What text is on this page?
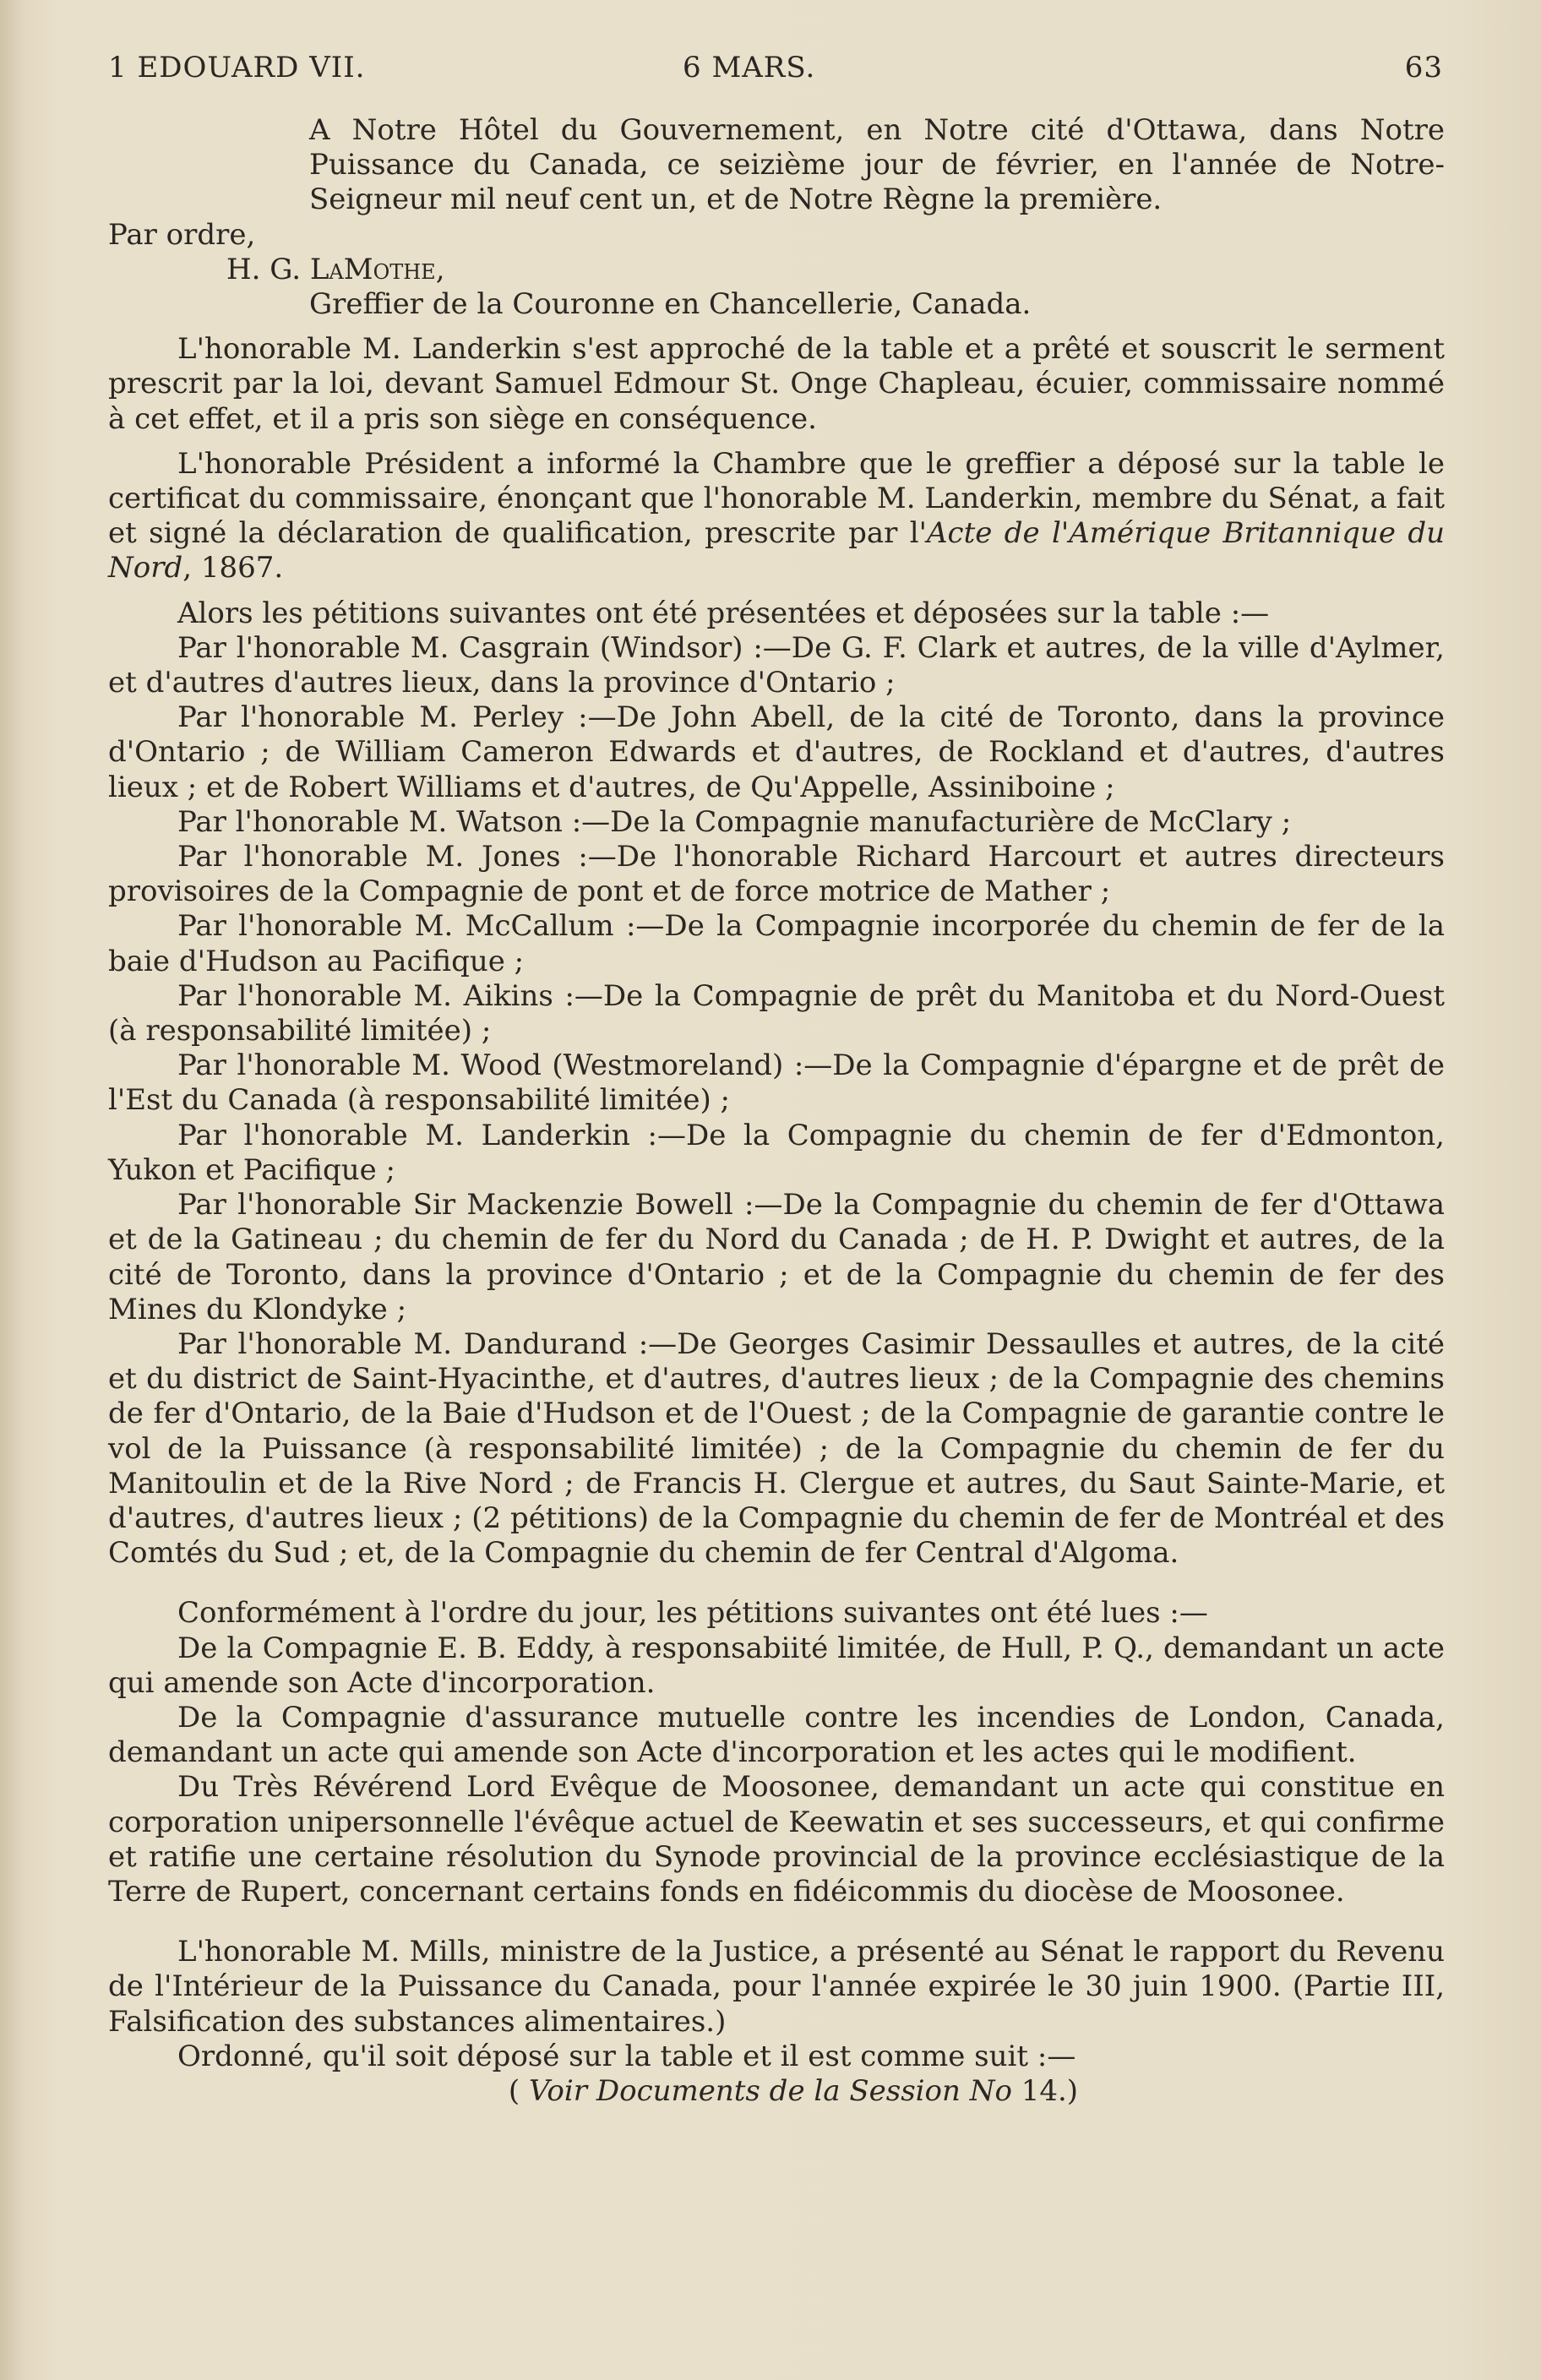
1 EDOUARD VII.	6 MARS.	63

A Notre Hôtel du Gouvernement, en Notre cité d'Ottawa, dans Notre Puissance du Canada, ce seizième jour de février, en l'année de Notre-Seigneur mil neuf cent un, et de Notre Règne la première.

Par ordre,

H. G. LaMothe,

Greffier de la Couronne en Chancellerie, Canada.

L'honorable M. Landerkin s'est approché de la table et a prêté et souscrit le serment prescrit par la loi, devant Samuel Edmour St. Onge Chapleau, écuier, commissaire nommé à cet effet, et il a pris son siège en conséquence.

L'honorable Président a informé la Chambre que le greffier a déposé sur la table le certificat du commissaire, énonçant que l'honorable M. Landerkin, membre du Sénat, a fait et signé la déclaration de qualification, prescrite par l'Acte de l'Amérique Britannique du Nord, 1867.

Alors les pétitions suivantes ont été présentées et déposées sur la table :—

Par l'honorable M. Casgrain (Windsor) :—De G. F. Clark et autres, de la ville d'Aylmer, et d'autres d'autres lieux, dans la province d'Ontario ;

Par l'honorable M. Perley :—De John Abell, de la cité de Toronto, dans la province d'Ontario ; de William Cameron Edwards et d'autres, de Rockland et d'autres, d'autres lieux ; et de Robert Williams et d'autres, de Qu'Appelle, Assiniboine ;

Par l'honorable M. Watson :—De la Compagnie manufacturière de McClary ;

Par l'honorable M. Jones :—De l'honorable Richard Harcourt et autres directeurs provisoires de la Compagnie de pont et de force motrice de Mather ;

Par l'honorable M. McCallum :—De la Compagnie incorporée du chemin de fer de la baie d'Hudson au Pacifique ;

Par l'honorable M. Aikins :—De la Compagnie de prêt du Manitoba et du Nord-Ouest (à responsabilité limitée) ;

Par l'honorable M. Wood (Westmoreland) :—De la Compagnie d'épargne et de prêt de l'Est du Canada (à responsabilité limitée) ;

Par l'honorable M. Landerkin :—De la Compagnie du chemin de fer d'Edmonton, Yukon et Pacifique ;

Par l'honorable Sir Mackenzie Bowell :—De la Compagnie du chemin de fer d'Ottawa et de la Gatineau ; du chemin de fer du Nord du Canada ; de H. P. Dwight et autres, de la cité de Toronto, dans la province d'Ontario ; et de la Compagnie du chemin de fer des Mines du Klondyke ;

Par l'honorable M. Dandurand :—De Georges Casimir Dessaulles et autres, de la cité et du district de Saint-Hyacinthe, et d'autres, d'autres lieux ; de la Compagnie des chemins de fer d'Ontario, de la Baie d'Hudson et de l'Ouest ; de la Compagnie de garantie contre le vol de la Puissance (à responsabilité limitée) ; de la Compagnie du chemin de fer du Manitoulin et de la Rive Nord ; de Francis H. Clergue et autres, du Saut Sainte-Marie, et d'autres, d'autres lieux ; (2 pétitions) de la Compagnie du chemin de fer de Montréal et des Comtés du Sud ; et, de la Compagnie du chemin de fer Central d'Algoma.

Conformément à l'ordre du jour, les pétitions suivantes ont été lues :—

De la Compagnie E. B. Eddy, à responsabiité limitée, de Hull, P. Q., demandant un acte qui amende son Acte d'incorporation.

De la Compagnie d'assurance mutuelle contre les incendies de London, Canada, demandant un acte qui amende son Acte d'incorporation et les actes qui le modifient.

Du Très Révérend Lord Evêque de Moosonee, demandant un acte qui constitue en corporation unipersonnelle l'évêque actuel de Keewatin et ses successeurs, et qui confirme et ratifie une certaine résolution du Synode provincial de la province ecclésiastique de la Terre de Rupert, concernant certains fonds en fidéicommis du diocèse de Moosonee.

L'honorable M. Mills, ministre de la Justice, a présenté au Sénat le rapport du Revenu de l'Intérieur de la Puissance du Canada, pour l'année expirée le 30 juin 1900. (Partie III, Falsification des substances alimentaires.)

Ordonné, qu'il soit déposé sur la table et il est comme suit :—

( Voir Documents de la Session No 14.)
